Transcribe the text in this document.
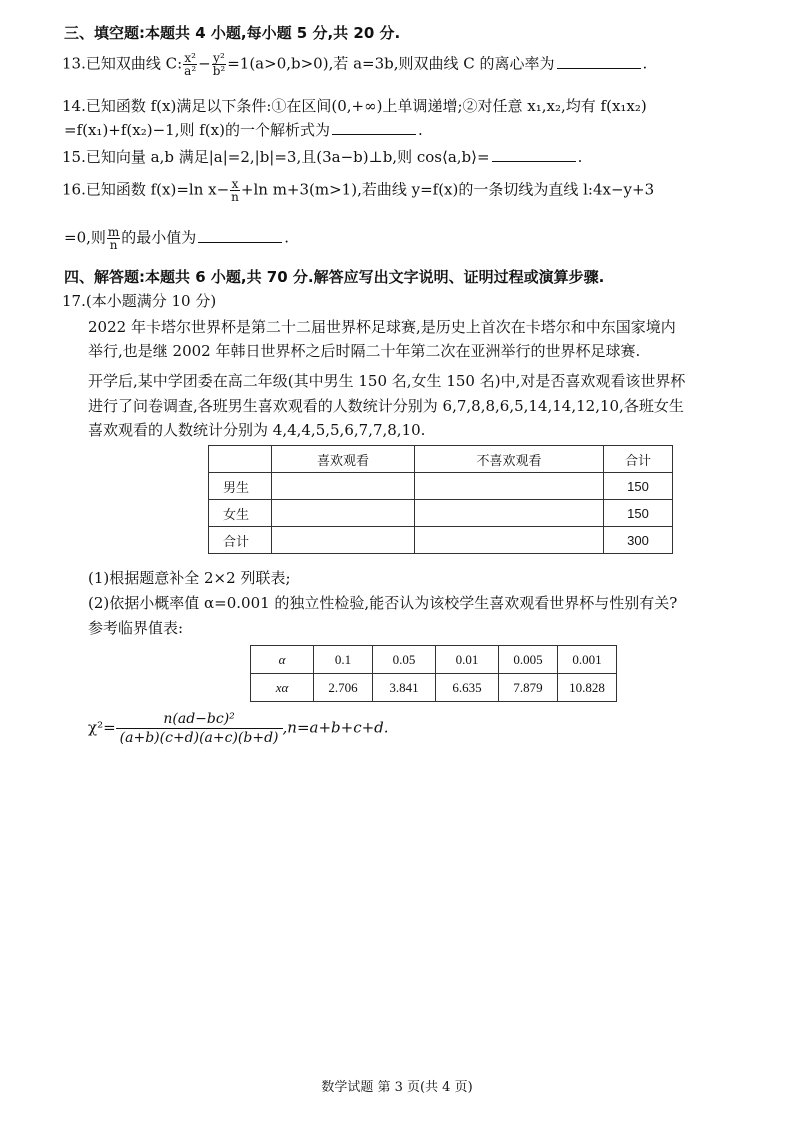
三、填空题:本题共 4 小题,每小题 5 分,共 20 分.
13.已知双曲线 C: $\frac{\text{x²}}{\text{a²}} - \frac{\text{y²}}{\text{b²}} =1(a>0,b>0)$,若 a=3b,则双曲线 C 的离心率为	.
14.已知函数 f(x)满足以下条件:①在区间(0,+∞)上单调递增;②对任意 x₁,x₂,均有 f(x₁x₂)
=f(x₁)+f(x₂)−1,则 f(x)的一个解析式为	.
15.已知向量 a,b 满足|a|=2,|b|=3,且(3a−b)⊥b,则 cos⟨a,b⟩=	.
16.已知函数 f(x)=ln $x- \frac{x}{n} +\ln$ m+3(m>1),若曲线 y=f(x)的一条切线为直线 l:4x−y+3
=0,则 $\frac{m}{n}$ 的最小值为	.
四、解答题:本题共 6 小题,共 70 分.解答应写出文字说明、证明过程或演算步骤.
17.(本小题满分 10 分)
2022 年卡塔尔世界杯是第二十二届世界杯足球赛,是历史上首次在卡塔尔和中东国家境内
举行,也是继 2002 年韩日世界杯之后时隔二十年第二次在亚洲举行的世界杯足球赛.
开学后,某中学团委在高二年级(其中男生 150 名,女生 150 名)中,对是否喜欢观看该世界杯
进行了问卷调查,各班男生喜欢观看的人数统计分别为 6,7,8,8,6,5,14,14,12,10,各班女生
喜欢观看的人数统计分别为 4,4,4,5,5,6,7,7,8,10.
	喜欢观看	不喜欢观看	合计
男生			150
女生			150
合计			300
(1)根据题意补全 2×2 列联表;
(2)依据小概率值 α=0.001 的独立性检验,能否认为该校学生喜欢观看世界杯与性别有关?
参考临界值表:
α	0.1	0.05	0.01	0.005	0.001
xα	2.706	3.841	6.635	7.879	10.828
$\chi^2= \frac{\text{n(ad−bc)²}}{(a+b)(c+d)(a+c)(b+d)} ,n=a+b+c+d$.
数学试题 第 3 页(共 4 页)
